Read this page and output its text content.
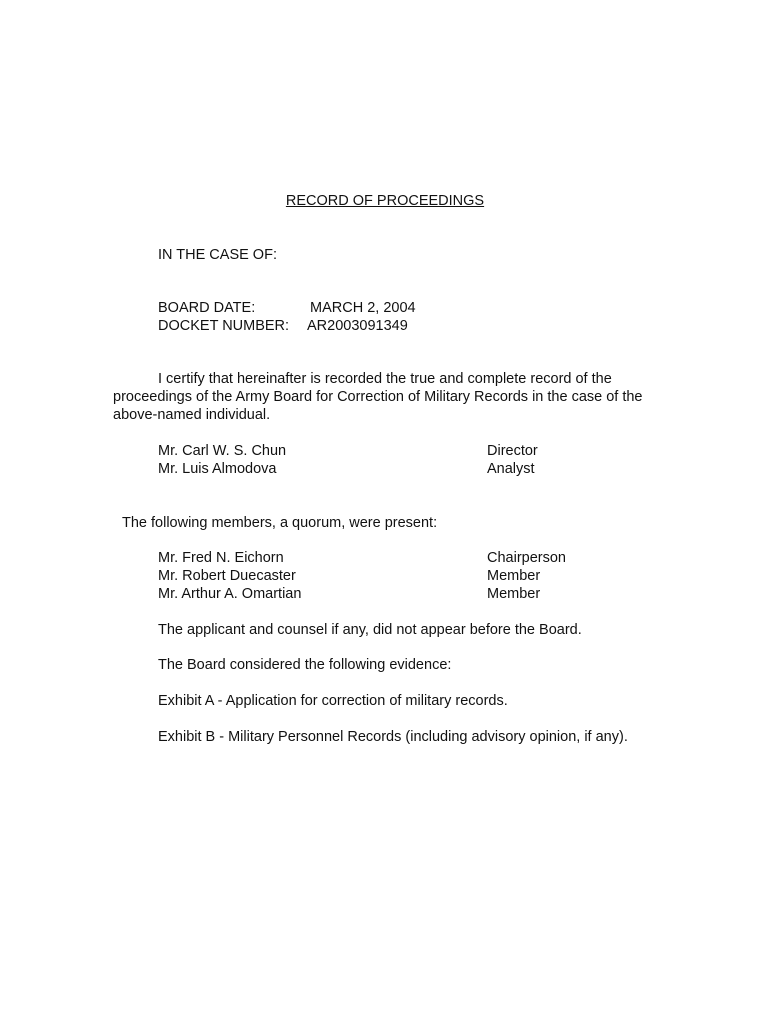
RECORD OF PROCEEDINGS
IN THE CASE OF:
BOARD DATE:	MARCH 2, 2004
DOCKET NUMBER: AR2003091349
I certify that hereinafter is recorded the true and complete record of the proceedings of the Army Board for Correction of Military Records in the case of the above-named individual.
Mr. Carl W. S. Chun	Director
Mr. Luis Almodova	Analyst
The following members, a quorum, were present:
Mr. Fred N. Eichorn	Chairperson
Mr. Robert Duecaster	Member
Mr. Arthur A. Omartian	Member
The applicant and counsel if any, did not appear before the Board.
The Board considered the following evidence:
Exhibit A - Application for correction of military records.
Exhibit B - Military Personnel Records (including advisory opinion, if any).
